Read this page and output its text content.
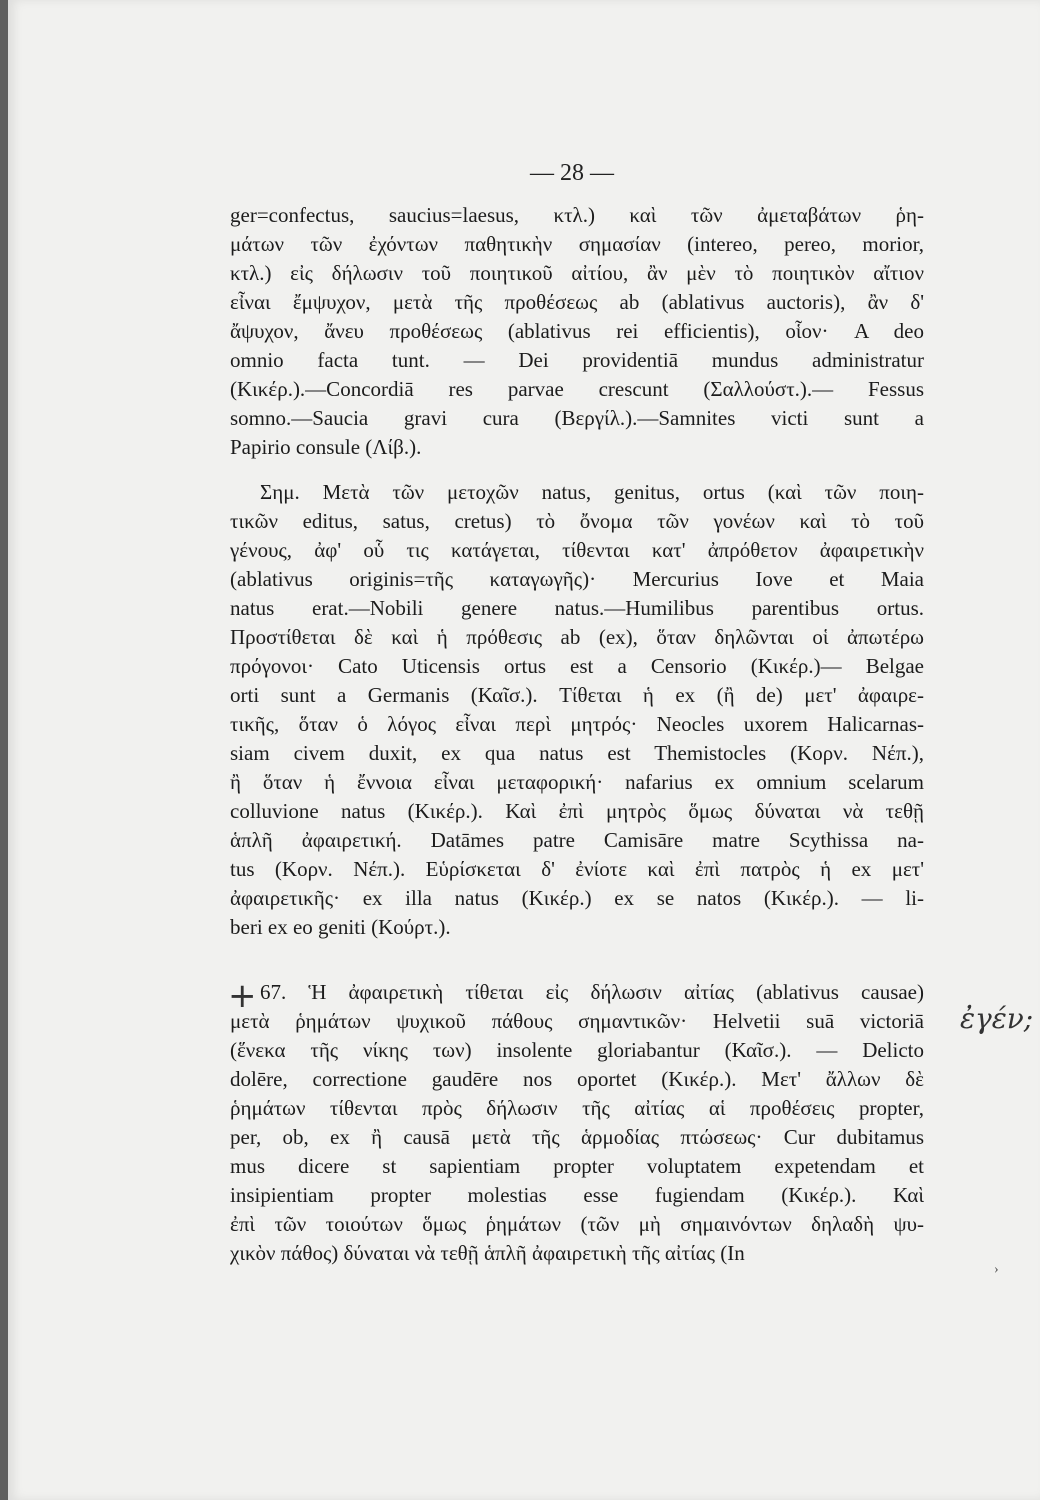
— 28 —
ger=confectus, saucius=laesus, κτλ.) καὶ τῶν ἀμεταβάτων ῥη-
μάτων τῶν ἐχόντων παθητικὴν σημασίαν (intereo, pereo, morior,
κτλ.) εἰς δήλωσιν τοῦ ποιητικοῦ αἰτίου, ἂν μὲν τὸ ποιητικὸν αἴτιον
εἶναι ἔμψυχον, μετὰ τῆς προθέσεως ab (ablativus auctoris), ἂν δ'
ἄψυχον, ἄνευ προθέσεως (ablativus rei efficientis), οἷον· A deo
omnio facta tunt. — Dei providentiā mundus administratur
(Κικέρ.).—Concordiā res parvae crescunt (Σαλλούστ.).— Fessus
somno.—Saucia gravi cura (Βεργίλ.).—Samnites victi sunt a
Papirio consule (Λίβ.).
Σημ. Μετὰ τῶν μετοχῶν natus, genitus, ortus (καὶ τῶν ποιη-
τικῶν editus, satus, cretus) τὸ ὄνομα τῶν γονέων καὶ τὸ τοῦ
γένους, ἀφ' οὗ τις κατάγεται, τίθενται κατ' ἀπρόθετον ἀφαιρετικὴν
(ablativus originis=τῆς καταγωγῆς)· Mercurius Iove et Maia
natus erat.—Nobili genere natus.—Humilibus parentibus ortus.
Προστίθεται δὲ καὶ ἡ πρόθεσις ab (ex), ὅταν δηλῶνται οἱ ἀπωτέρω
πρόγονοι· Cato Uticensis ortus est a Censorio (Κικέρ.)— Belgae
orti sunt a Germanis (Καῖσ.). Τίθεται ἡ ex (ἢ de) μετ' ἀφαιρε-
τικῆς, ὅταν ὁ λόγος εἶναι περὶ μητρός· Neocles uxorem Halicarnas-
siam civem duxit, ex qua natus est Themistocles (Κορν. Νέπ.),
ἢ ὅταν ἡ ἔννοια εἶναι μεταφορική· nafarius ex omnium scelarum
colluvione natus (Κικέρ.). Καὶ ἐπὶ μητρὸς ὅμως δύναται νὰ τεθῇ
ἁπλῆ ἀφαιρετική. Datāmes patre Camisāre matre Scythissa na-
tus (Κορν. Νέπ.). Εὑρίσκεται δ' ἐνίοτε καὶ ἐπὶ πατρὸς ἡ ex μετ'
ἀφαιρετικῆς· ex illa natus (Κικέρ.) ex se natos (Κικέρ.). — li-
beri ex eo geniti (Κούρτ.).
67. Ἡ ἀφαιρετικὴ τίθεται εἰς δήλωσιν αἰτίας (ablativus causae)
μετὰ ῥημάτων ψυχικοῦ πάθους σημαντικῶν· Helvetii suā victoriā
(ἕνεκα τῆς νίκης των) insolente gloriabantur (Καῖσ.). — Delicto
dolēre, correctione gaudēre nos oportet (Κικέρ.). Μετ' ἄλλων δὲ
ῥημάτων τίθενται πρὸς δήλωσιν τῆς αἰτίας αἱ προθέσεις propter,
per, ob, ex ἢ causā μετὰ τῆς ἁρμοδίας πτώσεως· Cur dubitamus
mus dicere st sapientiam propter voluptatem expetendam et
insipientiam propter molestias esse fugiendam (Κικέρ.). Καὶ
ἐπὶ τῶν τοιούτων ὅμως ῥημάτων (τῶν μὴ σημαινόντων δηλαδὴ ψυ-
χικὸν πάθος) δύναται νὰ τεθῇ ἁπλῆ ἀφαιρετικὴ τῆς αἰτίας (In
+
ἐγέν;
›
